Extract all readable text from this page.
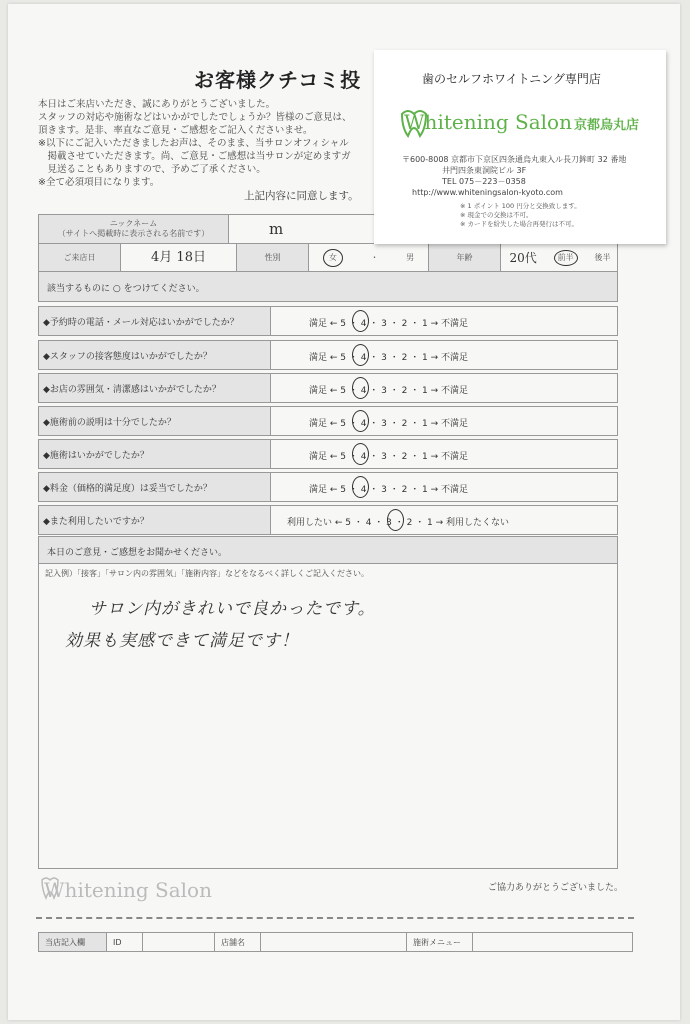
お客様クチコミ投
本日はご来店いただき、誠にありがとうございました。
スタッフの対応や施術などはいかがでしたでしょうか？皆様のご意見は、
頂きます。是非、率直なご意見・ご感想をご記入くださいませ。
※以下にご記入いただきましたお声は、そのまま、当サロンオフィシャル
　掲載させていただきます。尚、ご意見・ご感想は当サロンが定めますガ
　見送ることもありますので、予めご了承ください。
※全て必須項目になります。
上記内容に同意します。
ニックネーム
（サイトへ掲載時に表示される名前です）	m
ご来店日	4月 18日	性別	女	・	男	年齢	20代	前半	後半
該当するものに ○ をつけてください。
◆予約時の電話・メール対応はいかがでしたか？	満足 ← 5 ・ 4 ・ 3 ・ 2 ・ 1 → 不満足
◆スタッフの接客態度はいかがでしたか？	満足 ← 5 ・ 4 ・ 3 ・ 2 ・ 1 → 不満足
◆お店の雰囲気・清潔感はいかがでしたか？	満足 ← 5 ・ 4 ・ 3 ・ 2 ・ 1 → 不満足
◆施術前の説明は十分でしたか？	満足 ← 5 ・ 4 ・ 3 ・ 2 ・ 1 → 不満足
◆施術はいかがでしたか？	満足 ← 5 ・ 4 ・ 3 ・ 2 ・ 1 → 不満足
◆料金（価格的満足度）は妥当でしたか？	満足 ← 5 ・ 4 ・ 3 ・ 2 ・ 1 → 不満足
◆また利用したいですか？	利用したい ← 5 ・ 4 ・ 3 ・ 2 ・ 1 → 利用したくない
本日のご意見・ご感想をお聞かせください。
記入例）「接客」「サロン内の雰囲気」「施術内容」などをなるべく詳しくご記入ください。
サロン内がきれいで良かったです。
効果も実感できて満足です！
Whitening Salon	ご協力ありがとうございました。
当店記入欄	ID	店舗名	施術メニュー
歯のセルフホワイトニング専門店
Whitening Salon 京都烏丸店
〒600-8008 京都市下京区四条通烏丸東入ル長刀鉾町 32 番地
井門四条東洞院ビル 3F
TEL 075－223－0358
http://www.whiteningsalon-kyoto.com
※ 1 ポイント 100 円分と交換致します。
※ 現金での交換は不可。
※ カードを紛失した場合再発行は不可。
